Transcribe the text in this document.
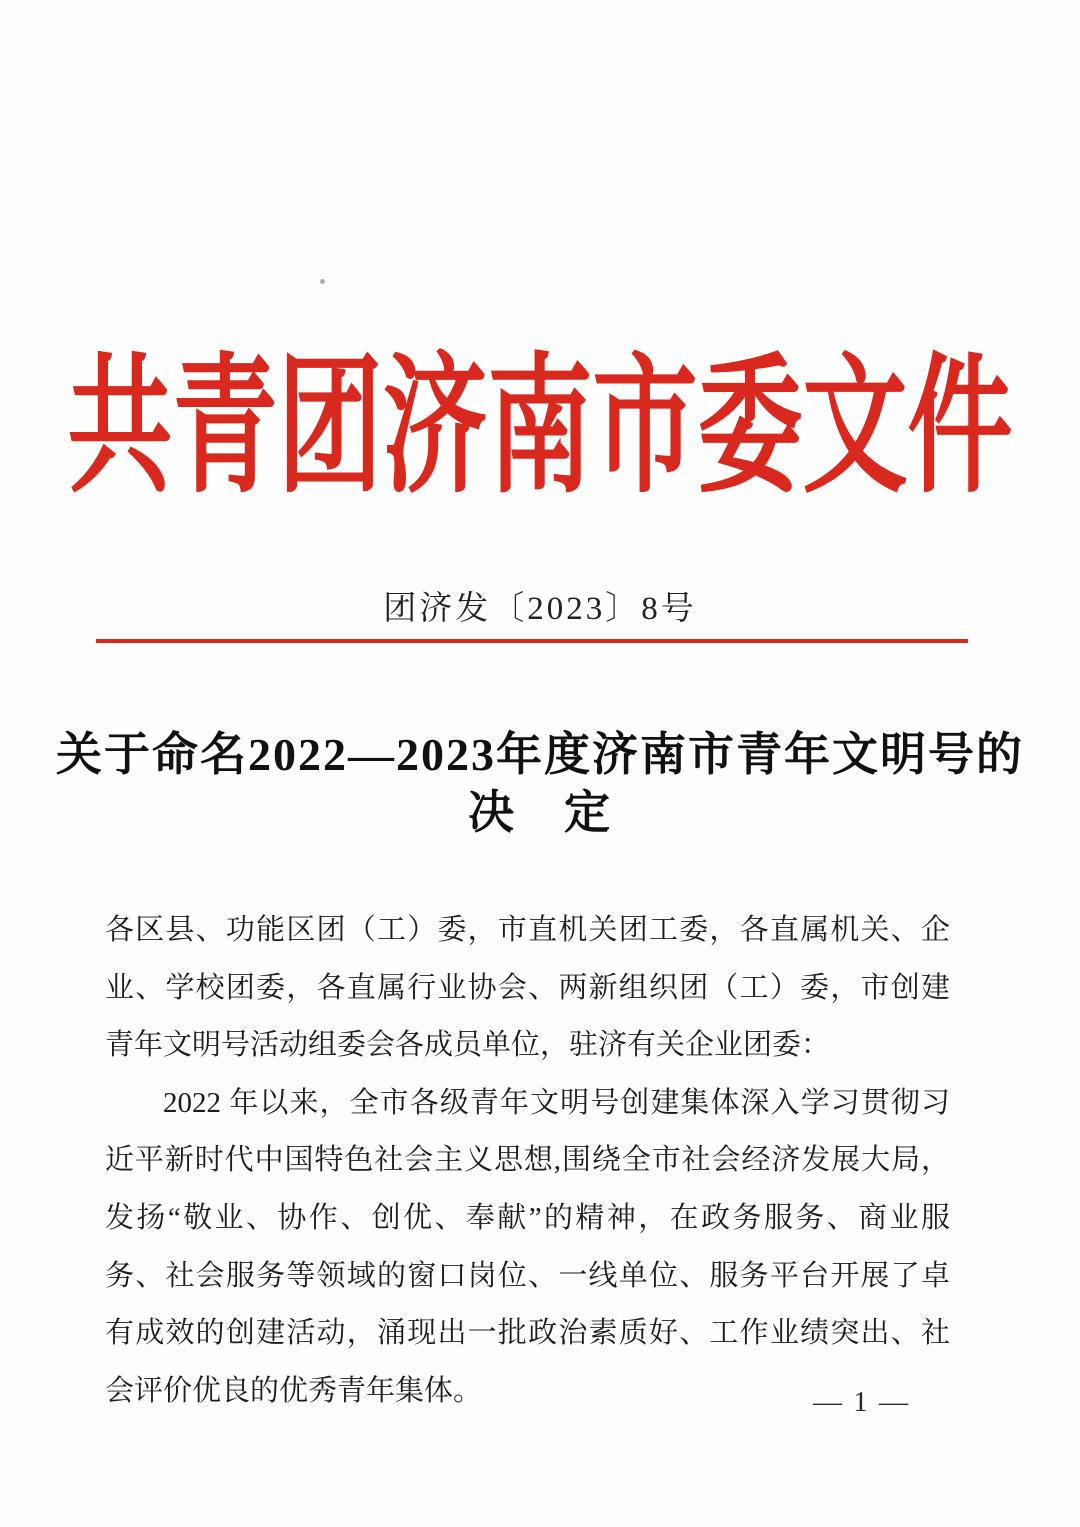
共青团济南市委文件
团济发〔2023〕8号
关于命名2022—2023年度济南市青年文明号的
决　定
各区县、功能区团（工）委，市直机关团工委，各直属机关、企
业、学校团委，各直属行业协会、两新组织团（工）委，市创建
青年文明号活动组委会各成员单位，驻济有关企业团委：
2022 年以来，全市各级青年文明号创建集体深入学习贯彻习
近平新时代中国特色社会主义思想,围绕全市社会经济发展大局，
发扬“敬业、协作、创优、奉献”的精神，在政务服务、商业服
务、社会服务等领域的窗口岗位、一线单位、服务平台开展了卓
有成效的创建活动，涌现出一批政治素质好、工作业绩突出、社
会评价优良的优秀青年集体。	— 1 —
